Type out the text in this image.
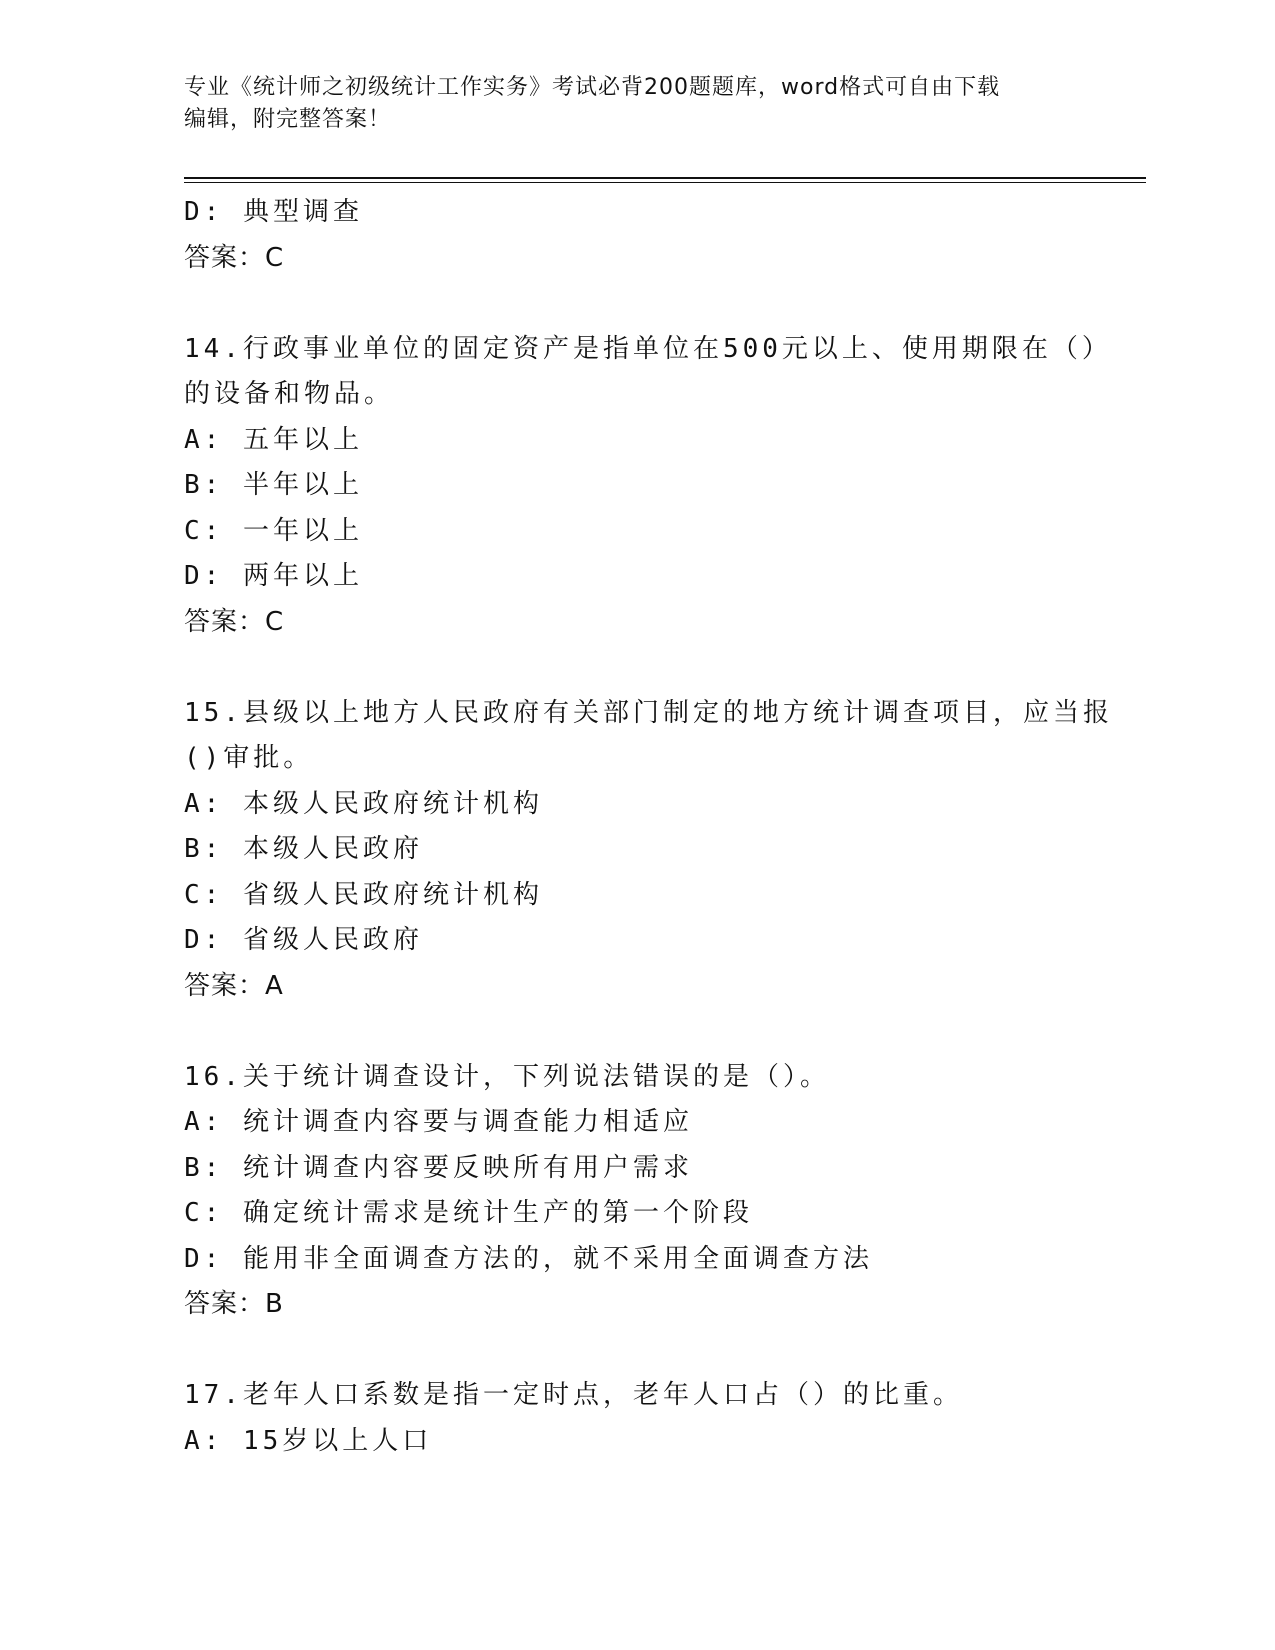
专业《统计师之初级统计工作实务》考试必背200题题库，word格式可自由下载
编辑，附完整答案！
D: 典型调查
答案：C
14.行政事业单位的固定资产是指单位在500元以上、使用期限在（）
的设备和物品。
A: 五年以上
B: 半年以上
C: 一年以上
D: 两年以上
答案：C
15.县级以上地方人民政府有关部门制定的地方统计调查项目，应当报
()审批。
A: 本级人民政府统计机构
B: 本级人民政府
C: 省级人民政府统计机构
D: 省级人民政府
答案：A
16.关于统计调查设计，下列说法错误的是（）。
A: 统计调查内容要与调查能力相适应
B: 统计调查内容要反映所有用户需求
C: 确定统计需求是统计生产的第一个阶段
D: 能用非全面调查方法的，就不采用全面调查方法
答案：B
17.老年人口系数是指一定时点，老年人口占（）的比重。
A: 15岁以上人口
